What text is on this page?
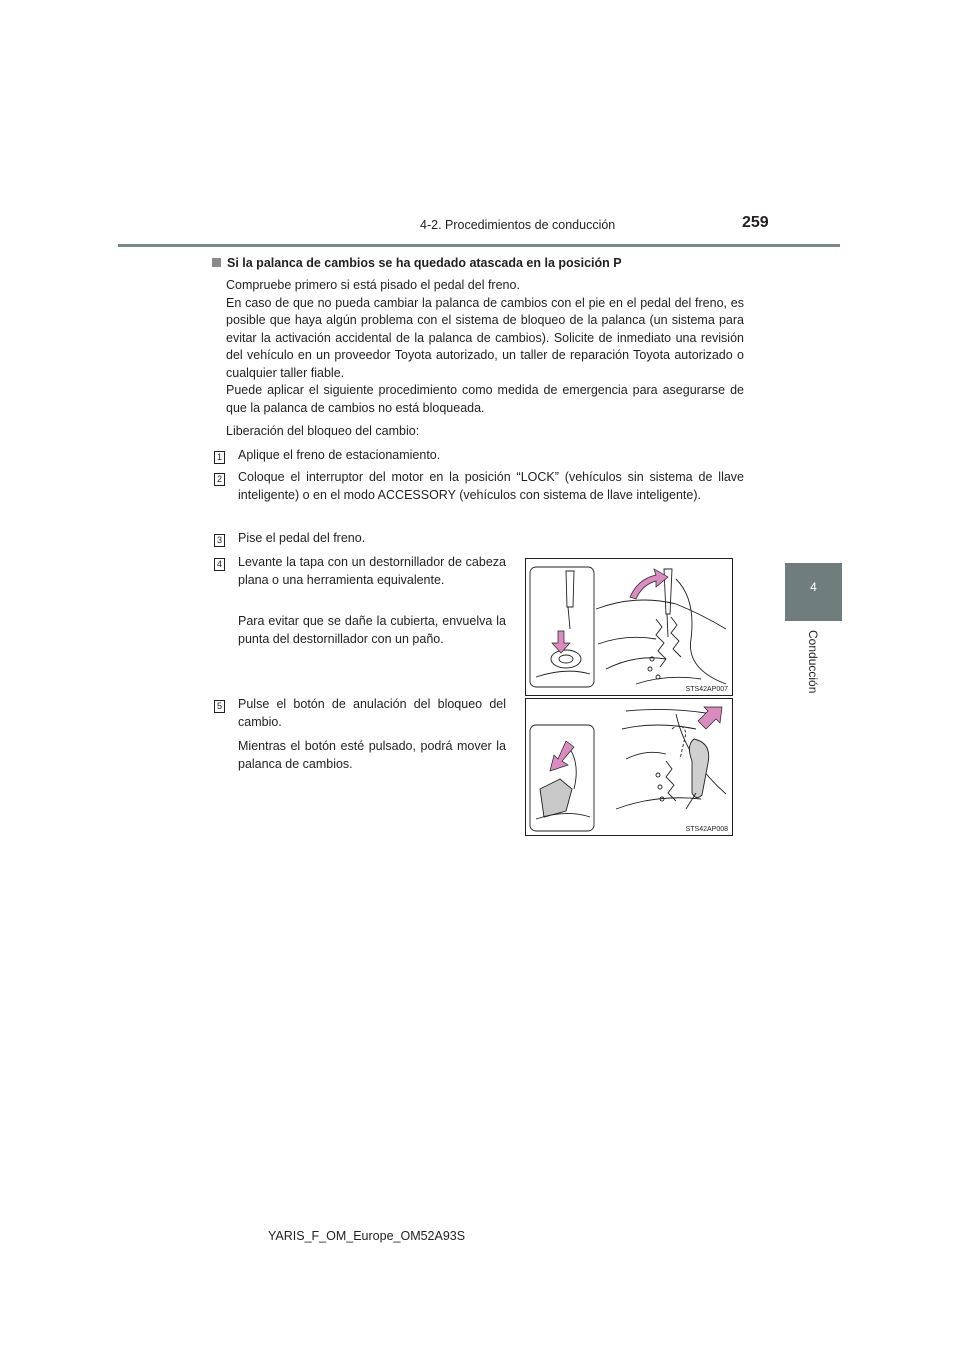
4-2. Procedimientos de conducción	259
4
Conducción
Si la palanca de cambios se ha quedado atascada en la posición P

Compruebe primero si está pisado el pedal del freno.

En caso de que no pueda cambiar la palanca de cambios con el pie en el pedal del freno, es posible que haya algún problema con el sistema de bloqueo de la palanca (un sistema para evitar la activación accidental de la palanca de cambios). Solicite de inmediato una revisión del vehículo en un proveedor Toyota autorizado, un taller de reparación Toyota autorizado o cualquier taller fiable.

Puede aplicar el siguiente procedimiento como medida de emergencia para asegurarse de que la palanca de cambios no está bloqueada.

Liberación del bloqueo del cambio:
1 Aplique el freno de estacionamiento.
2 Coloque el interruptor del motor en la posición “LOCK” (vehículos sin sistema de llave inteligente) o en el modo ACCESSORY (vehículos con sistema de llave inteligente).
3 Pise el pedal del freno.
4 Levante la tapa con un destornillador de cabeza plana o una herramienta equivalente.
Para evitar que se dañe la cubierta, envuelva la punta del destornillador con un paño.
5 Pulse el botón de anulación del bloqueo del cambio.
Mientras el botón esté pulsado, podrá mover la palanca de cambios.
STS42AP007
STS42AP008
YARIS_F_OM_Europe_OM52A93S
